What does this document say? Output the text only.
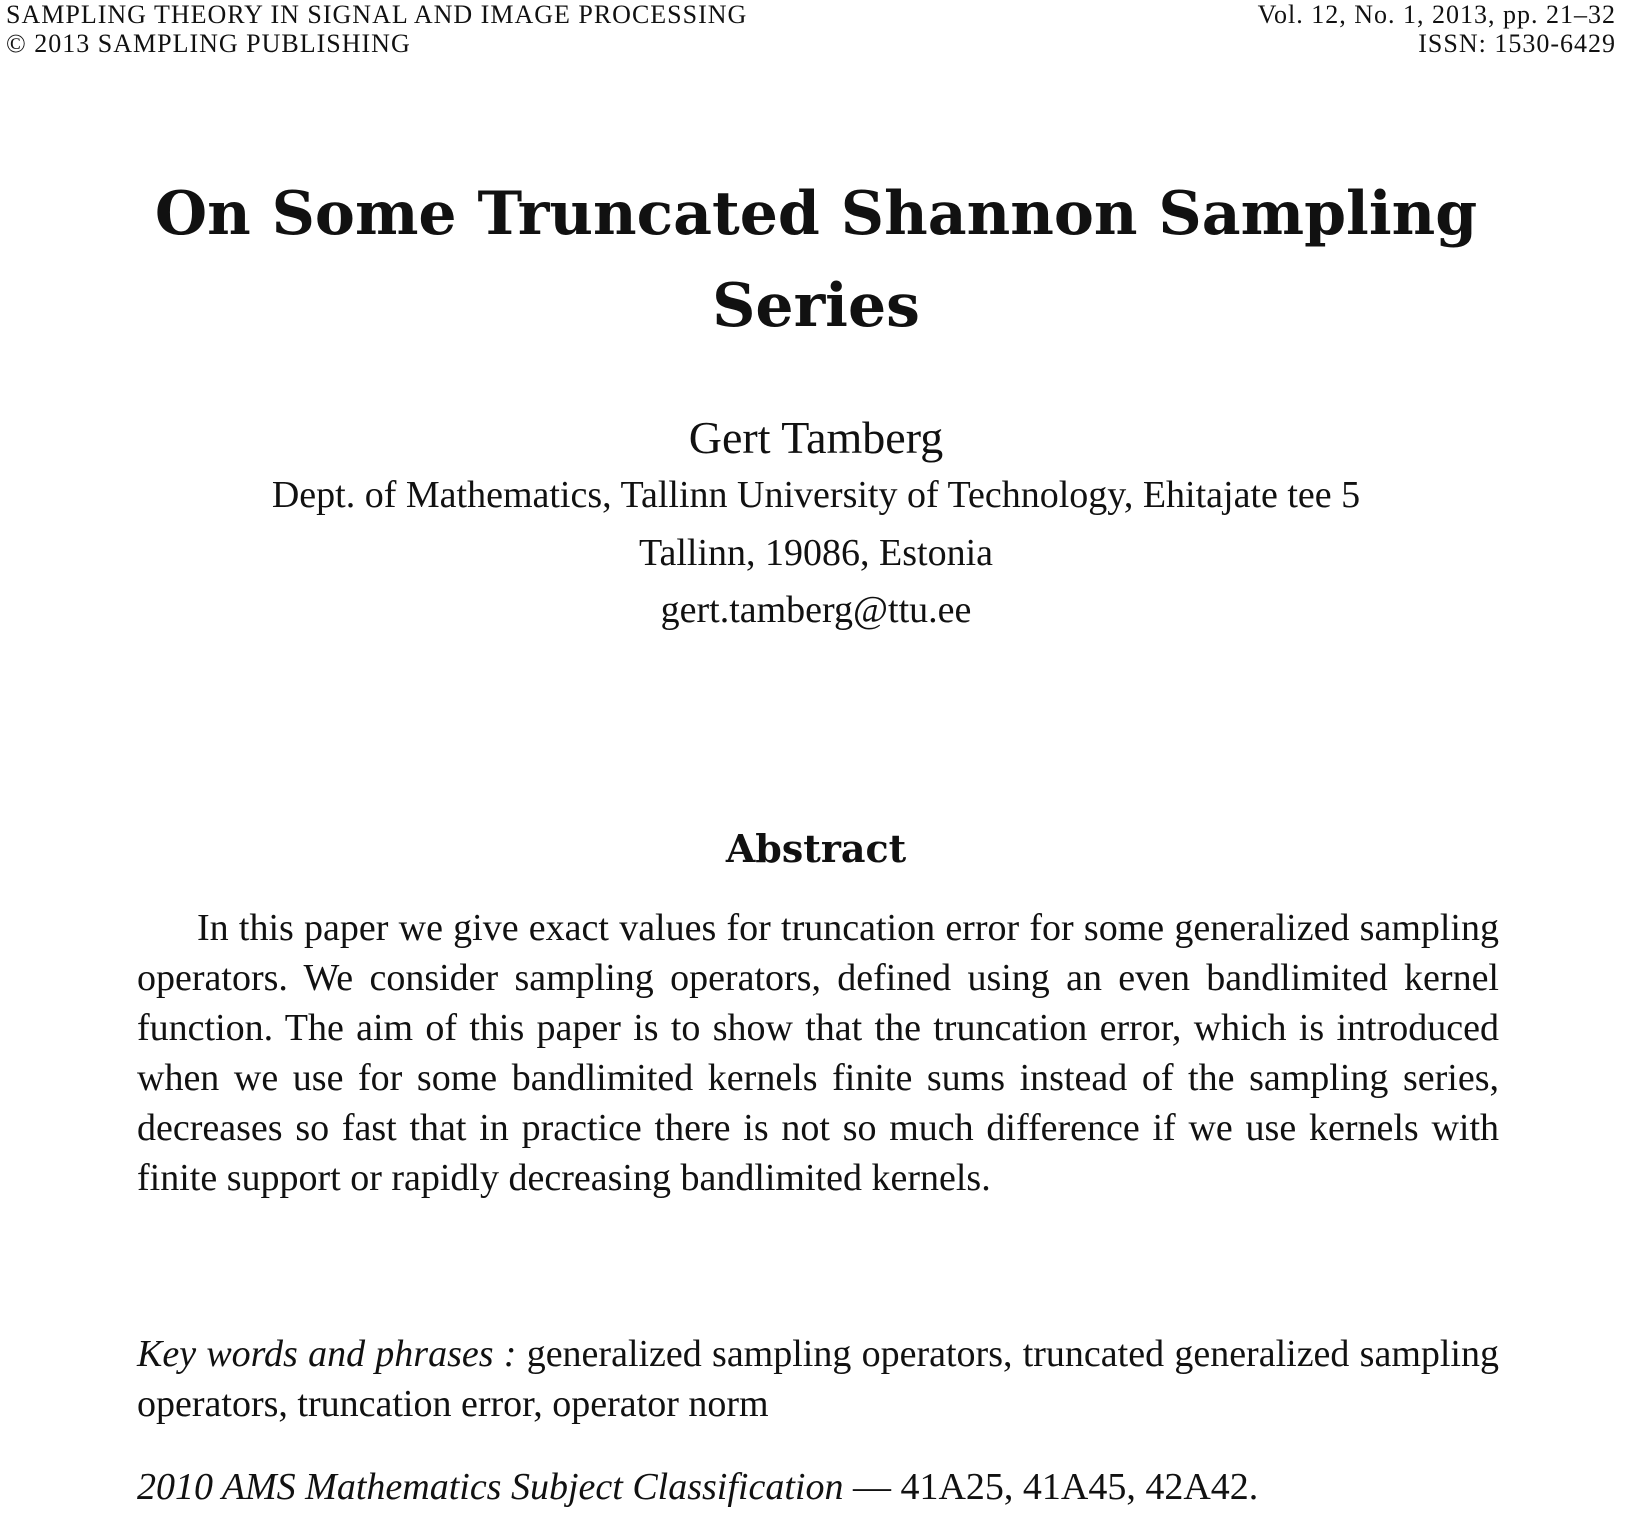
SAMPLING THEORY IN SIGNAL AND IMAGE PROCESSING
© 2013 SAMPLING PUBLISHING
Vol. 12, No. 1, 2013, pp. 21–32
ISSN: 1530-6429
On Some Truncated Shannon Sampling
Series
Gert Tamberg
Dept. of Mathematics, Tallinn University of Technology, Ehitajate tee 5
Tallinn, 19086, Estonia
gert.tamberg@ttu.ee
Abstract

In this paper we give exact values for truncation error for some generalized sampling operators. We consider sampling operators, defined using an even bandlimited kernel function. The aim of this paper is to show that the truncation error, which is introduced when we use for some bandlimited kernels finite sums instead of the sampling series, decreases so fast that in practice there is not so much difference if we use kernels with finite support or rapidly decreasing bandlimited kernels.

Key words and phrases : generalized sampling operators, truncated generalized sampling operators, truncation error, operator norm

2010 AMS Mathematics Subject Classification — 41A25, 41A45, 42A42.
